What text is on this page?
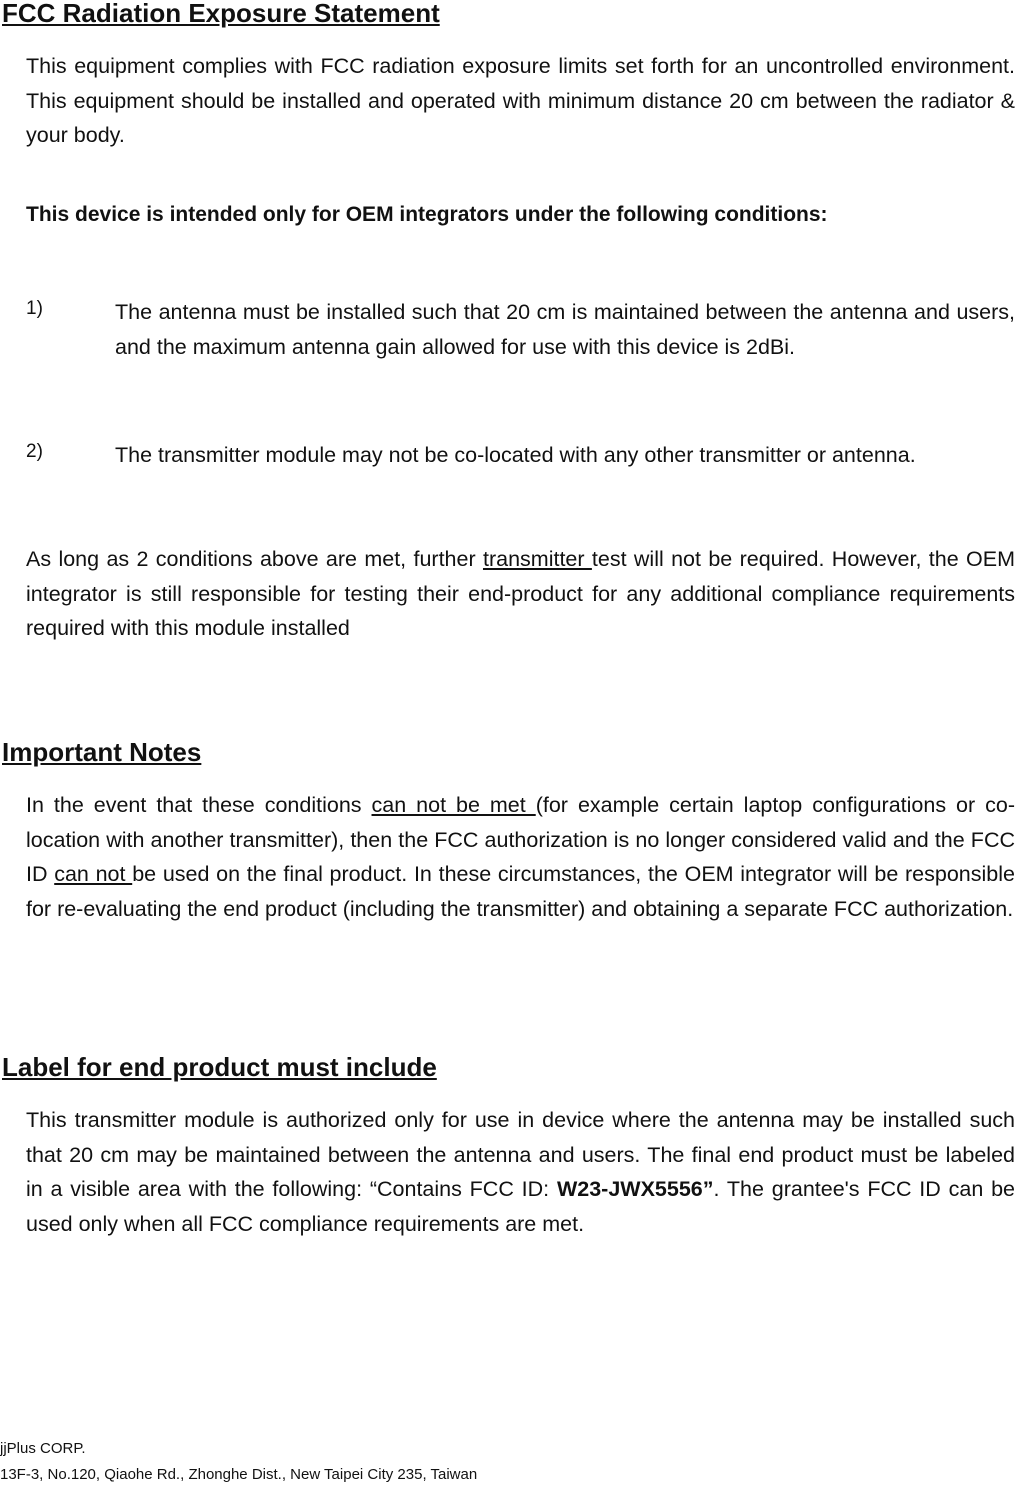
FCC Radiation Exposure Statement
This equipment complies with FCC radiation exposure limits set forth for an uncontrolled environment. This equipment should be installed and operated with minimum distance 20 cm between the radiator & your body.
This device is intended only for OEM integrators under the following conditions:
1)	The antenna must be installed such that 20 cm is maintained between the antenna and users, and the maximum antenna gain allowed for use with this device is 2dBi.
2)	The transmitter module may not be co-located with any other transmitter or antenna.
As long as 2 conditions above are met, further transmitter test will not be required. However, the OEM integrator is still responsible for testing their end-product for any additional compliance requirements required with this module installed
Important Notes
In the event that these conditions can not be met (for example certain laptop configurations or co-location with another transmitter), then the FCC authorization is no longer considered valid and the FCC ID can not be used on the final product. In these circumstances, the OEM integrator will be responsible for re-evaluating the end product (including the transmitter) and obtaining a separate FCC authorization.
Label for end product must include
This transmitter module is authorized only for use in device where the antenna may be installed such that 20 cm may be maintained between the antenna and users. The final end product must be labeled in a visible area with the following: “Contains FCC ID: W23-JWX5556”. The grantee's FCC ID can be used only when all FCC compliance requirements are met.
jjPlus CORP.
13F-3, No.120, Qiaohe Rd., Zhonghe Dist., New Taipei City 235, Taiwan
